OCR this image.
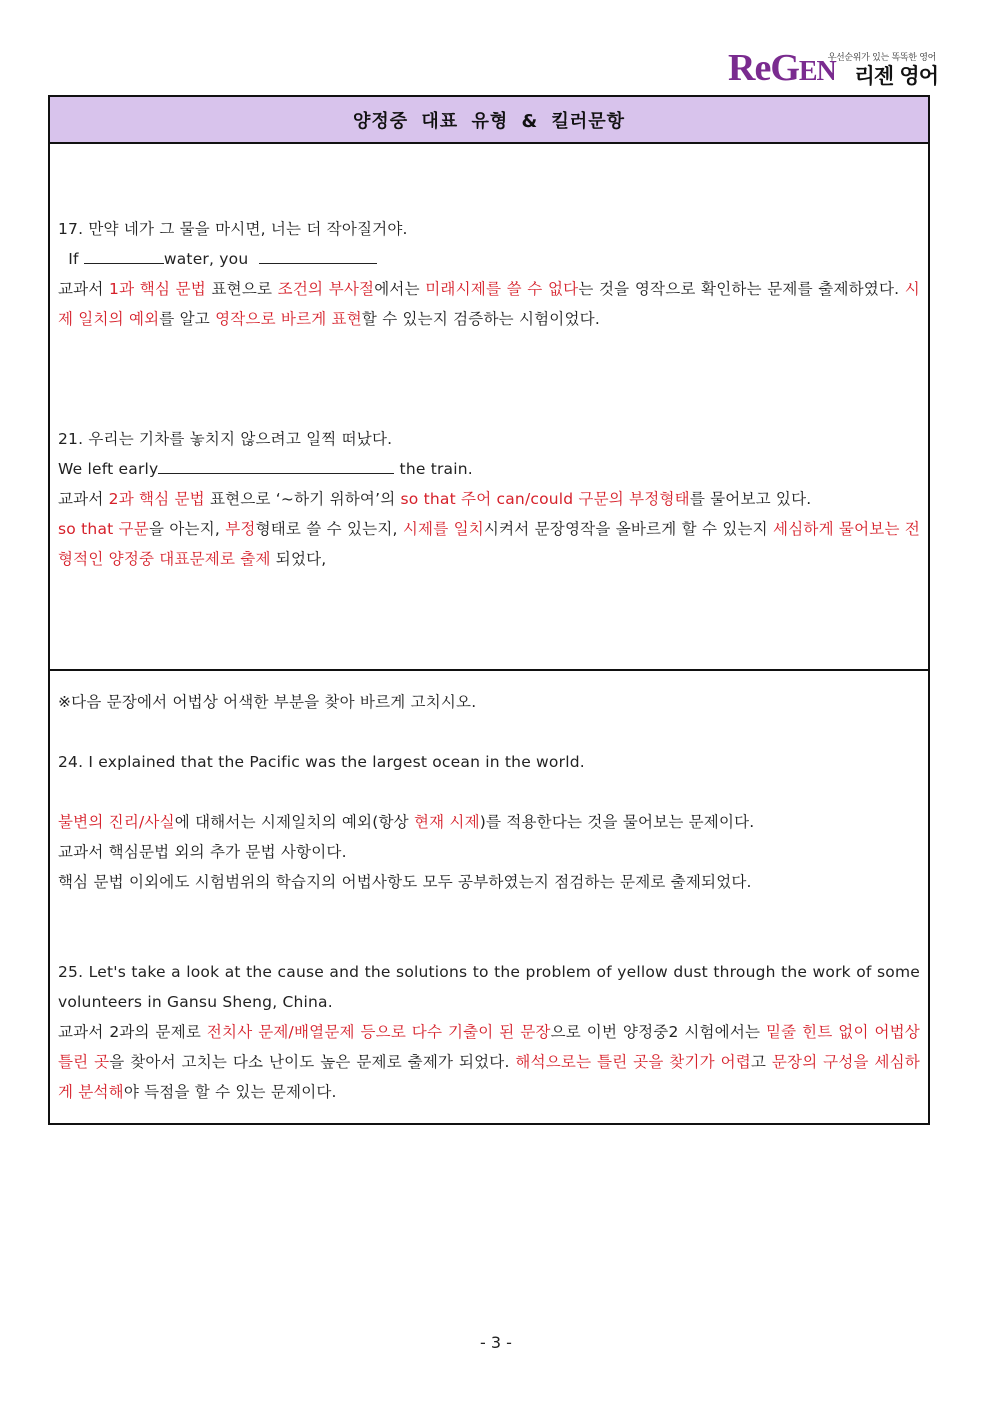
우선순위가 있는 똑똑한 영어
ReGEN 리젠 영어
양정중 대표 유형 & 킬러문항
17. 만약 네가 그 물을 마시면, 너는 더 작아질거야.
If	water, you
교과서 1과 핵심 문법 표현으로 조건의 부사절에서는 미래시제를 쓸 수 없다는 것을 영작으로 확인하는 문제를 출제하였다. 시제 일치의 예외를 알고 영작으로 바르게 표현할 수 있는지 검증하는 시험이었다.
21. 우리는 기차를 놓치지 않으려고 일찍 떠났다.
We left early	the train.
교과서 2과 핵심 문법 표현으로 ‘~하기 위하여’의 so that 주어 can/could 구문의 부정형태를 물어보고 있다.
so that 구문을 아는지, 부정형태로 쓸 수 있는지, 시제를 일치시켜서 문장영작을 올바르게 할 수 있는지 세심하게 물어보는 전형적인 양정중 대표문제로 출제 되었다,
※다음 문장에서 어법상 어색한 부분을 찾아 바르게 고치시오.
24. I explained that the Pacific was the largest ocean in the world.
불변의 진리/사실에 대해서는 시제일치의 예외(항상 현재 시제)를 적용한다는 것을 물어보는 문제이다.
교과서 핵심문법 외의 추가 문법 사항이다.
핵심 문법 이외에도 시험범위의 학습지의 어법사항도 모두 공부하였는지 점검하는 문제로 출제되었다.
25. Let's take a look at the cause and the solutions to the problem of yellow dust through the work of some volunteers in Gansu Sheng, China.
교과서 2과의 문제로 전치사 문제/배열문제 등으로 다수 기출이 된 문장으로 이번 양정중2 시험에서는 밑줄 힌트 없이 어법상 틀린 곳을 찾아서 고치는 다소 난이도 높은 문제로 출제가 되었다. 해석으로는 틀린 곳을 찾기가 어렵고 문장의 구성을 세심하게 분석해야 득점을 할 수 있는 문제이다.
- 3 -
